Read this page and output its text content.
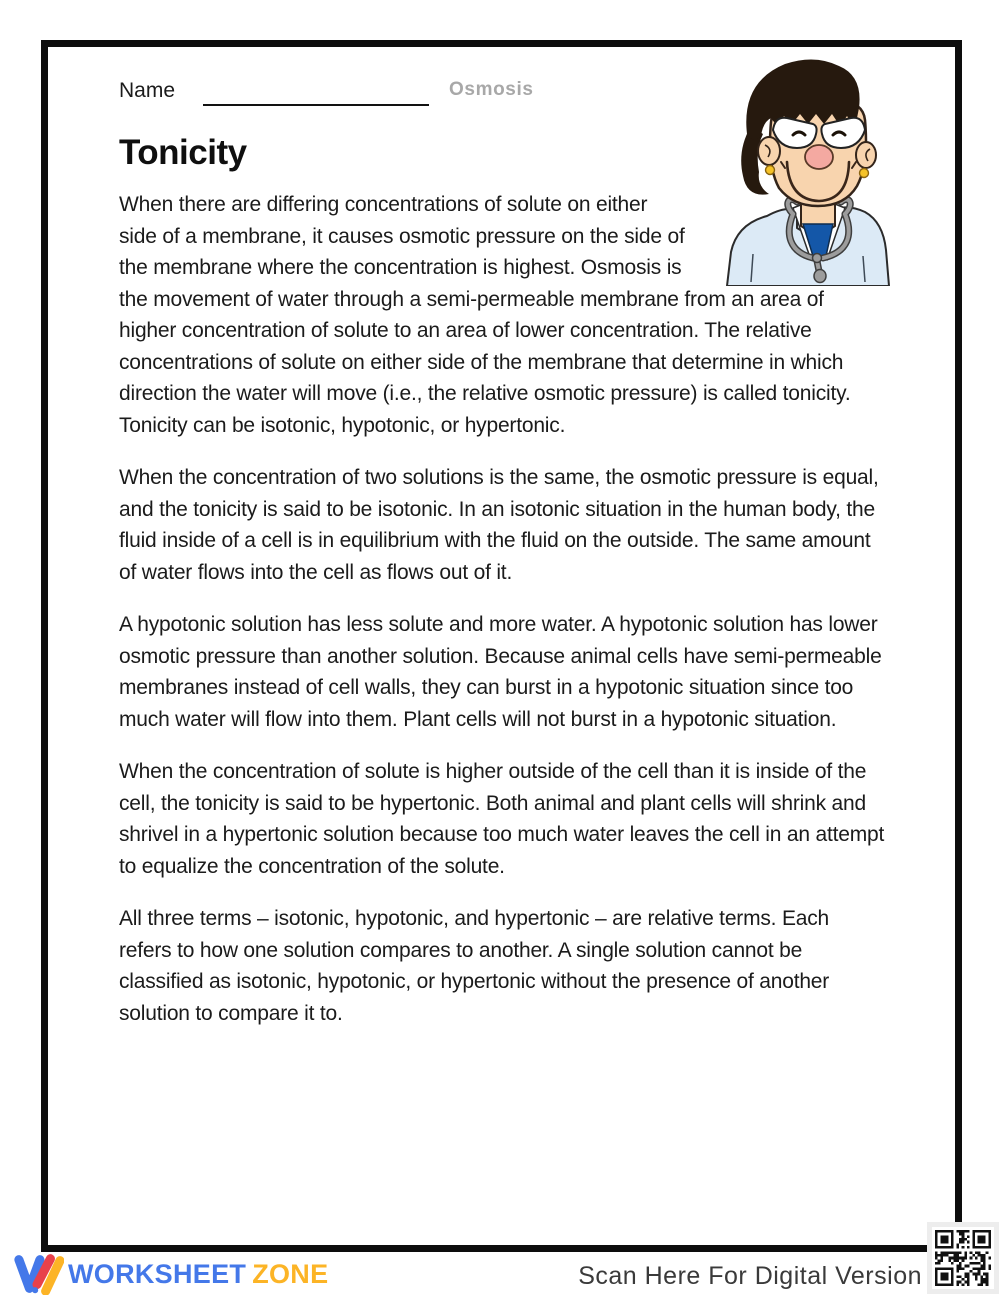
Name	Osmosis
Tonicity

When there are differing concentrations of solute on either side of a membrane, it causes osmotic pressure on the side of the membrane where the concentration is highest. Osmosis is the movement of water through a semi-permeable membrane from an area of higher concentration of solute to an area of lower concentration. The relative concentrations of solute on either side of the membrane that determine in which direction the water will move (i.e., the relative osmotic pressure) is called tonicity. Tonicity can be isotonic, hypotonic, or hypertonic.

When the concentration of two solutions is the same, the osmotic pressure is equal, and the tonicity is said to be isotonic. In an isotonic situation in the human body, the fluid inside of a cell is in equilibrium with the fluid on the outside. The same amount of water flows into the cell as flows out of it.

A hypotonic solution has less solute and more water. A hypotonic solution has lower osmotic pressure than another solution. Because animal cells have semi-permeable membranes instead of cell walls, they can burst in a hypotonic situation since too much water will flow into them. Plant cells will not burst in a hypotonic situation.

When the concentration of solute is higher outside of the cell than it is inside of the cell, the tonicity is said to be hypertonic. Both animal and plant cells will shrink and shrivel in a hypertonic solution because too much water leaves the cell in an attempt to equalize the concentration of the solute.

All three terms – isotonic, hypotonic, and hypertonic – are relative terms. Each refers to how one solution compares to another. A single solution cannot be classified as isotonic, hypotonic, or hypertonic without the presence of another solution to compare it to.

WORKSHEET ZONE	Scan Here For Digital Version
